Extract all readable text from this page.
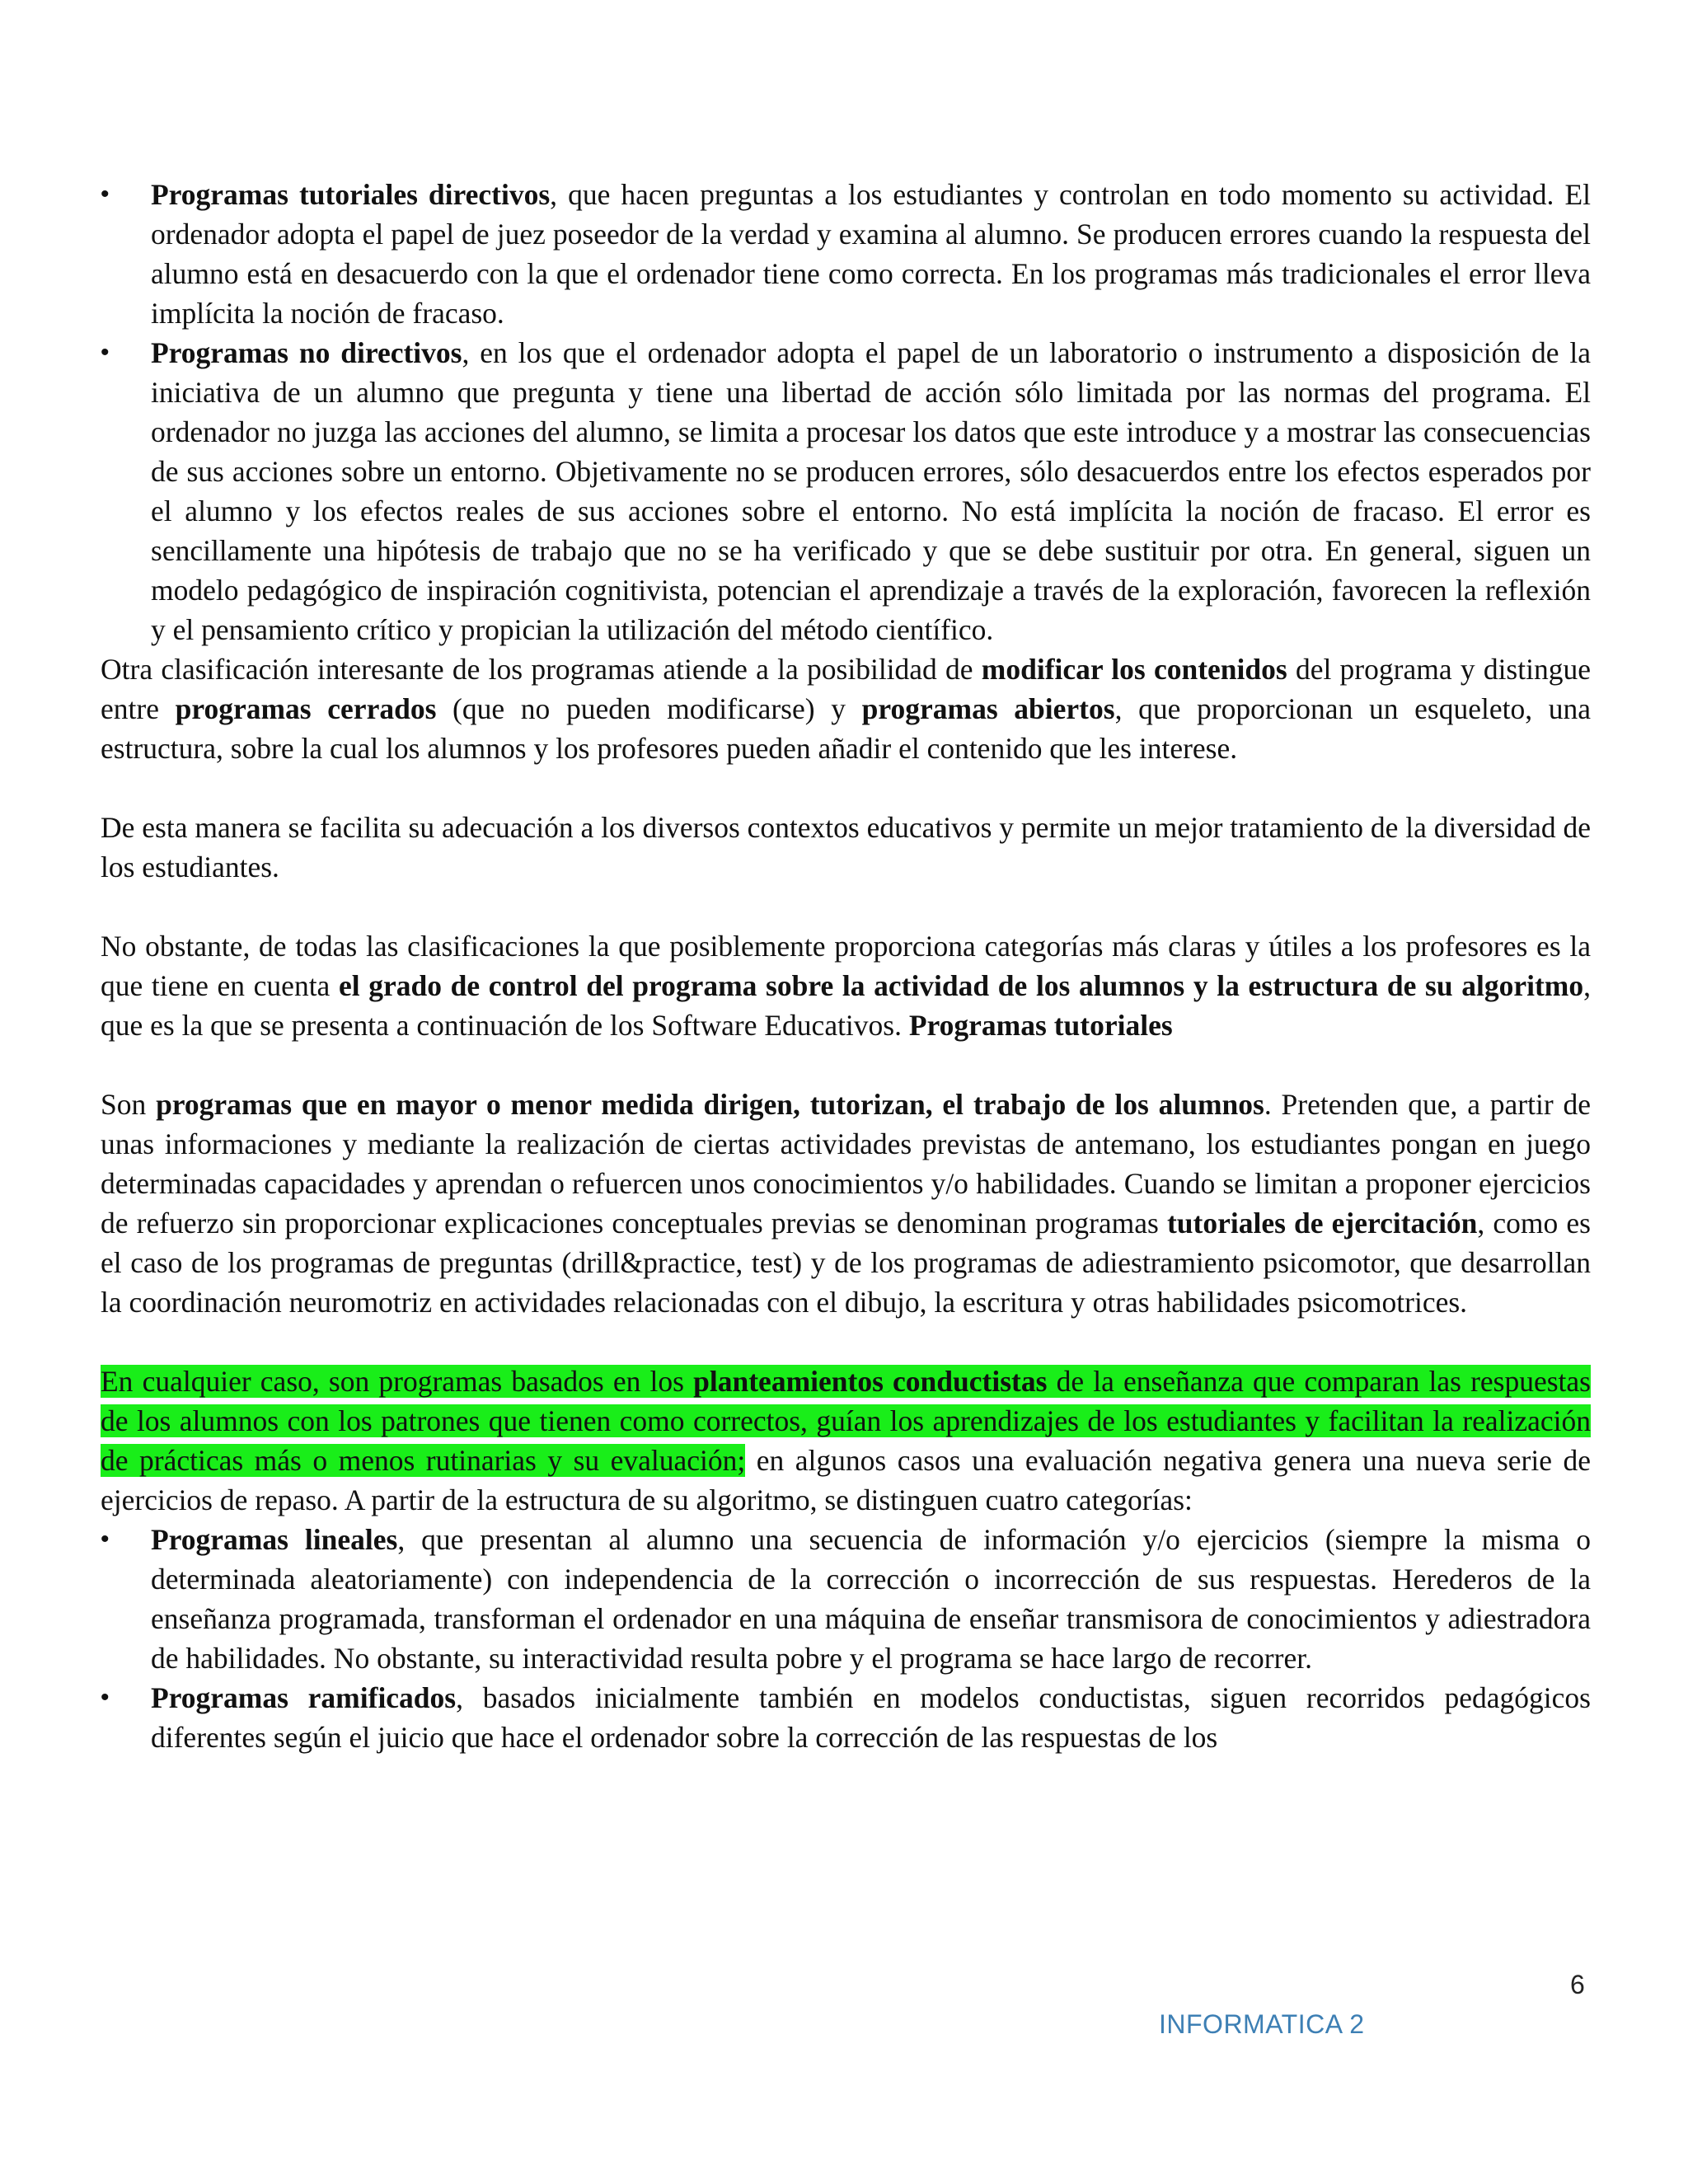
• Programas tutoriales directivos, que hacen preguntas a los estudiantes y controlan en todo momento su actividad. El ordenador adopta el papel de juez poseedor de la verdad y examina al alumno. Se producen errores cuando la respuesta del alumno está en desacuerdo con la que el ordenador tiene como correcta. En los programas más tradicionales el error lleva implícita la noción de fracaso.
• Programas no directivos, en los que el ordenador adopta el papel de un laboratorio o instrumento a disposición de la iniciativa de un alumno que pregunta y tiene una libertad de acción sólo limitada por las normas del programa. El ordenador no juzga las acciones del alumno, se limita a procesar los datos que este introduce y a mostrar las consecuencias de sus acciones sobre un entorno. Objetivamente no se producen errores, sólo desacuerdos entre los efectos esperados por el alumno y los efectos reales de sus acciones sobre el entorno. No está implícita la noción de fracaso. El error es sencillamente una hipótesis de trabajo que no se ha verificado y que se debe sustituir por otra. En general, siguen un modelo pedagógico de inspiración cognitivista, potencian el aprendizaje a través de la exploración, favorecen la reflexión y el pensamiento crítico y propician la utilización del método científico.

Otra clasificación interesante de los programas atiende a la posibilidad de modificar los contenidos del programa y distingue entre programas cerrados (que no pueden modificarse) y programas abiertos, que proporcionan un esqueleto, una estructura, sobre la cual los alumnos y los profesores pueden añadir el contenido que les interese.

De esta manera se facilita su adecuación a los diversos contextos educativos y permite un mejor tratamiento de la diversidad de los estudiantes.

No obstante, de todas las clasificaciones la que posiblemente proporciona categorías más claras y útiles a los profesores es la que tiene en cuenta el grado de control del programa sobre la actividad de los alumnos y la estructura de su algoritmo, que es la que se presenta a continuación de los Software Educativos. Programas tutoriales

Son programas que en mayor o menor medida dirigen, tutorizan, el trabajo de los alumnos. Pretenden que, a partir de unas informaciones y mediante la realización de ciertas actividades previstas de antemano, los estudiantes pongan en juego determinadas capacidades y aprendan o refuercen unos conocimientos y/o habilidades. Cuando se limitan a proponer ejercicios de refuerzo sin proporcionar explicaciones conceptuales previas se denominan programas tutoriales de ejercitación, como es el caso de los programas de preguntas (drill&practice, test) y de los programas de adiestramiento psicomotor, que desarrollan la coordinación neuromotriz en actividades relacionadas con el dibujo, la escritura y otras habilidades psicomotrices.

En cualquier caso, son programas basados en los planteamientos conductistas de la enseñanza que comparan las respuestas de los alumnos con los patrones que tienen como correctos, guían los aprendizajes de los estudiantes y facilitan la realización de prácticas más o menos rutinarias y su evaluación; en algunos casos una evaluación negativa genera una nueva serie de ejercicios de repaso. A partir de la estructura de su algoritmo, se distinguen cuatro categorías:

• Programas lineales, que presentan al alumno una secuencia de información y/o ejercicios (siempre la misma o determinada aleatoriamente) con independencia de la corrección o incorrección de sus respuestas. Herederos de la enseñanza programada, transforman el ordenador en una máquina de enseñar transmisora de conocimientos y adiestradora de habilidades. No obstante, su interactividad resulta pobre y el programa se hace largo de recorrer.
• Programas ramificados, basados inicialmente también en modelos conductistas, siguen recorridos pedagógicos diferentes según el juicio que hace el ordenador sobre la corrección de las respuestas de los
6
INFORMATICA 2
